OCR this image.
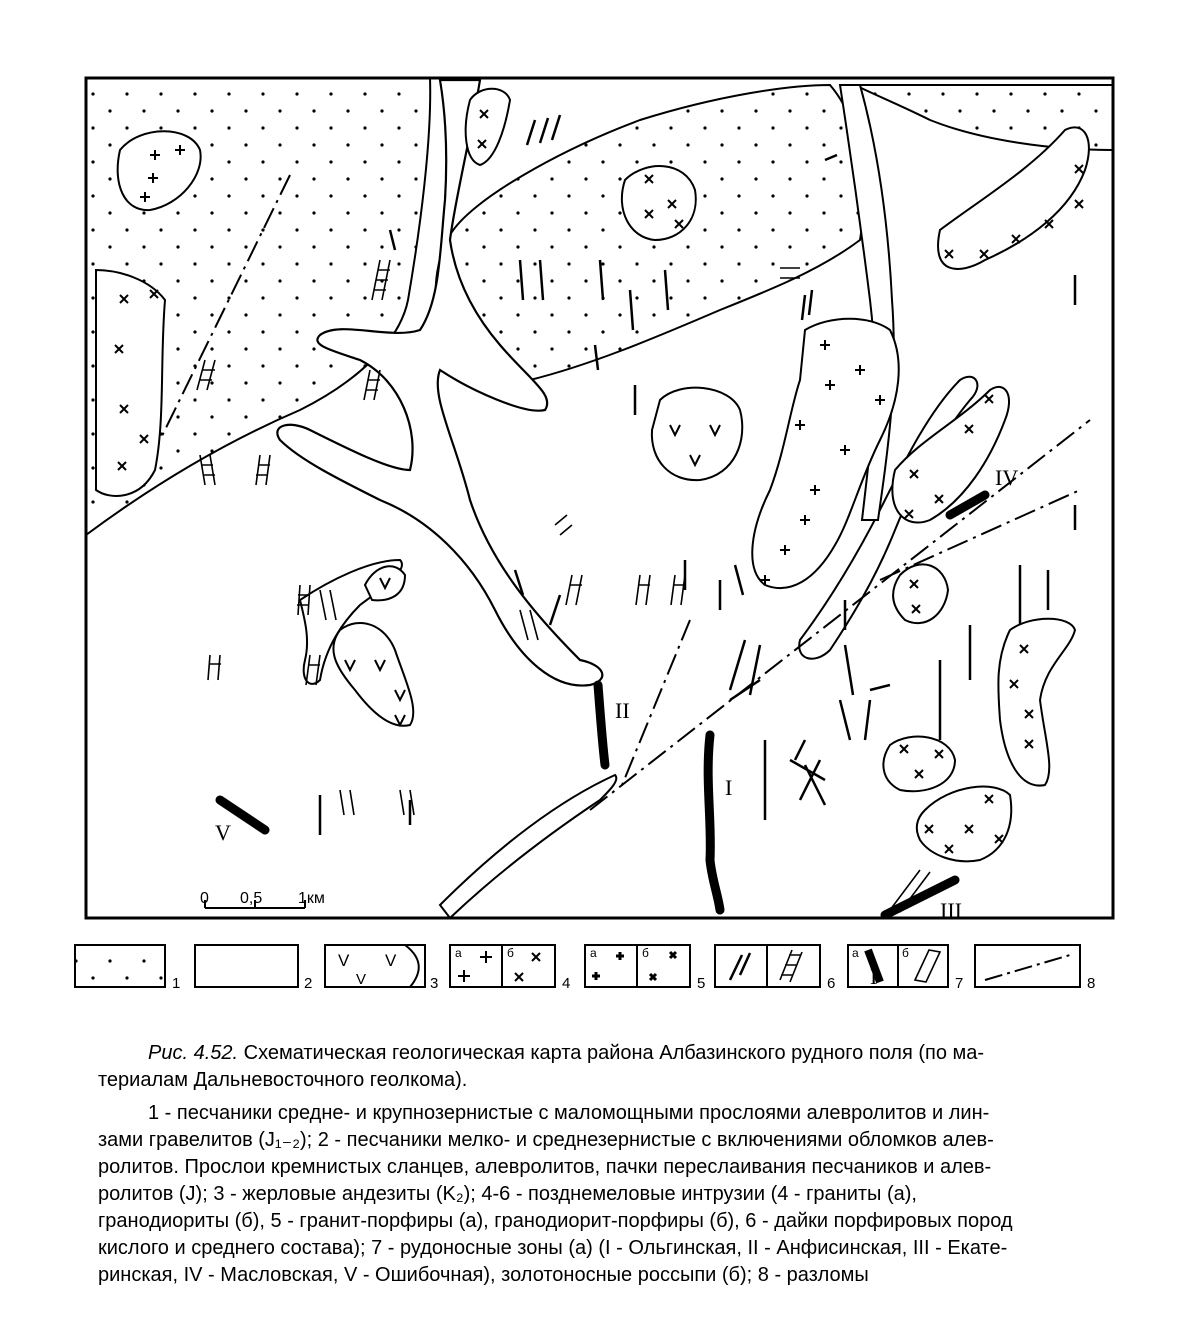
II
I
III
IV
V
0 0,5 1км
1	2
V
V
V
3
а	б
4
а	б
5	6
а	б
I	7	8
Рис. 4.52. Схематическая геологическая карта района Албазинского рудного поля (по ма-
териалам Дальневосточного геолкома).
1 - песчаники средне- и крупнозернистые с маломощными прослоями алевролитов и лин-
зами гравелитов (J₁₋₂); 2 - песчаники мелко- и среднезернистые с включениями обломков алев-
ролитов. Прослои кремнистых сланцев, алевролитов, пачки переслаивания песчаников и алев-
ролитов (J); 3 - жерловые андезиты (K₂); 4-6 - позднемеловые интрузии (4 - граниты (а),
гранодиориты (б), 5 - гранит-порфиры (а), гранодиорит-порфиры (б), 6 - дайки порфировых пород
кислого и среднего состава); 7 - рудоносные зоны (а) (I - Ольгинская, II - Анфисинская, III - Екате-
ринская, IV - Масловская, V - Ошибочная), золотоносные россыпи (б); 8 - разломы
